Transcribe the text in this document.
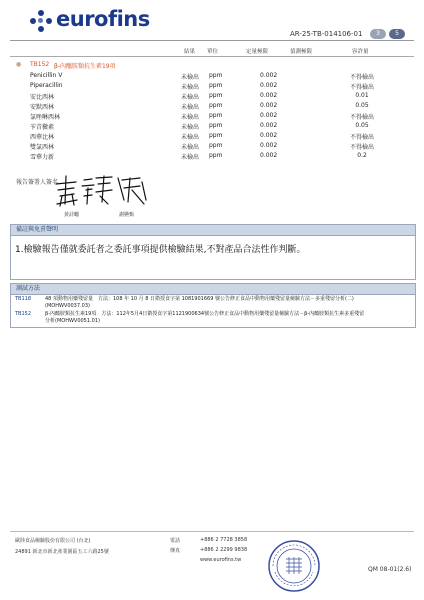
eurofins
AR-25-TB-014106-01	3	5
結果 單位	定量極限	偵測極限	容許量
● TB152 β-內醯胺類抗生素19項
Penicillin V	未檢出 ppm	0.002	不得檢出
Piperacillin	未檢出 ppm	0.002	不得檢出
安比西林	未檢出 ppm	0.002	0.01
安默西林	未檢出 ppm	0.002	0.05
氯唑啉西林	未檢出 ppm	0.002	不得檢出
苄青黴素	未檢出 ppm	0.002	0.05
西華比林	未檢出 ppm	0.002	不得檢出
雙氯西林	未檢出 ppm	0.002	不得檢出
雪華力新	未檢出 ppm	0.002	0.2
報告簽署人簽名
黃詩曬	謝嬿甄
備註與免責聲明
1.檢驗報告僅就委託者之委託事項提供檢驗結果,不對產品合法性作判斷。
測試方法
TB118	48 項動物用藥殘留量　方法：108 年 10 月 8 日衛授食字第 1081901669 號公告修正食品中動物用藥殘留量檢驗方法－多重殘留分析(二)
(MOHWV0037.03)
TB152	β-內醯胺類抗生素19項　方法：112年5月4日衛授食字第1121900634號公告修正食品中動物用藥殘留量檢驗方法－β-內醯胺類抗生素多重殘留
分析(MOHWV0051.01)
歐陸食品檢驗股份有限公司 (台北)
24891 新北市新北產業園區五工六路25號
電話	+886 2 7728 3858
傳真	+886 2 2299 9838
www.eurofins.tw
QM 08-01(2.6)
